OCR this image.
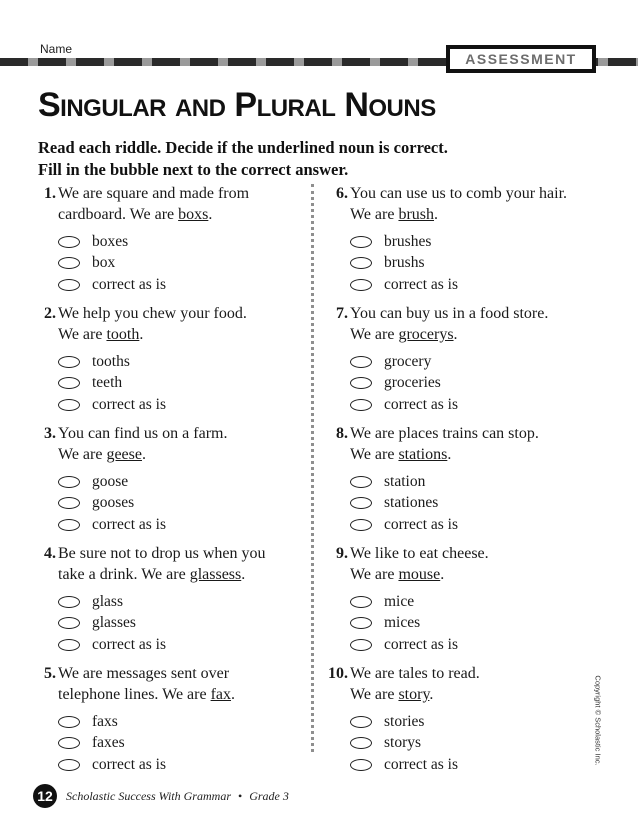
Name
ASSESSMENT
Singular and Plural Nouns
Read each riddle. Decide if the underlined noun is correct.
Fill in the bubble next to the correct answer.
1. We are square and made from
cardboard. We are boxs.
boxes
box
correct as is
2. We help you chew your food.
We are tooth.
tooths
teeth
correct as is
3. You can find us on a farm.
We are geese.
goose
gooses
correct as is
4. Be sure not to drop us when you
take a drink. We are glassess.
glass
glasses
correct as is
5. We are messages sent over
telephone lines. We are fax.
faxs
faxes
correct as is
6. You can use us to comb your hair.
We are brush.
brushes
brushs
correct as is
7. You can buy us in a food store.
We are grocerys.
grocery
groceries
correct as is
8. We are places trains can stop.
We are stations.
station
stationes
correct as is
9. We like to eat cheese.
We are mouse.
mice
mices
correct as is
10. We are tales to read.
We are story.
stories
storys
correct as is	Copyright © Scholastic Inc.
12	Scholastic Success With Grammar • Grade 3
